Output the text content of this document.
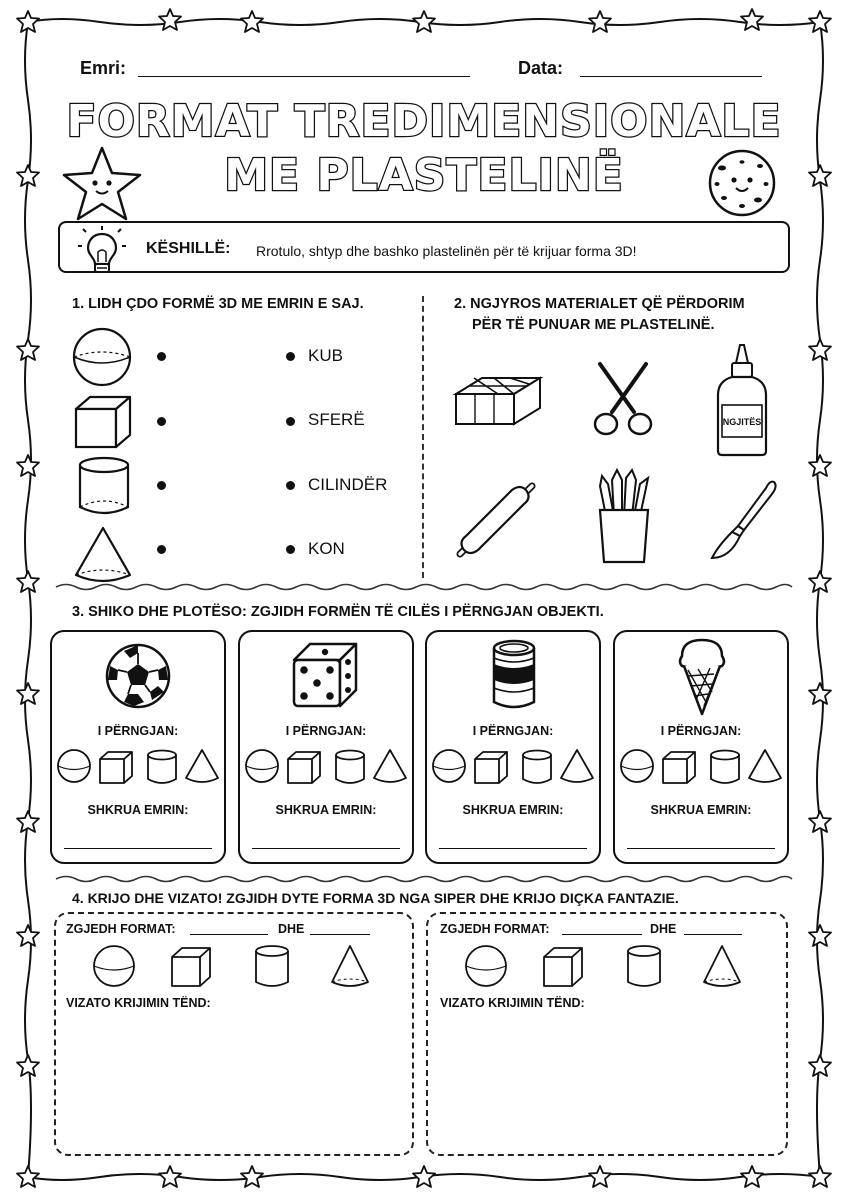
Emri:	Data:
FORMAT TREDIMENSIONALE
ME PLASTELINË
KËSHILLË: Rrotulo, shtyp dhe bashko plastelinën për të krijuar forma 3D!
1. LIDH ÇDO FORMË 3D ME EMRIN E SAJ.
KUB
SFERË
CILINDËR
KON
2. NGJYROS MATERIALET QË PËRDORIM
PËR TË PUNUAR ME PLASTELINË.
NGJITËS
3. SHIKO DHE PLOTËSO: ZGJIDH FORMËN TË CILËS I PËRNGJAN OBJEKTI.
I PËRNGJAN:	I PËRNGJAN:	I PËRNGJAN:	I PËRNGJAN:
SHKRUA EMRIN:	SHKRUA EMRIN:	SHKRUA EMRIN:	SHKRUA EMRIN:
4. KRIJO DHE VIZATO! ZGJIDH DYTE FORMA 3D NGA SIPER DHE KRIJO DIÇKA FANTAZIE.
ZGJEDH FORMAT:	DHE	ZGJEDH FORMAT:	DHE
VIZATO KRIJIMIN TËND:	VIZATO KRIJIMIN TËND:
